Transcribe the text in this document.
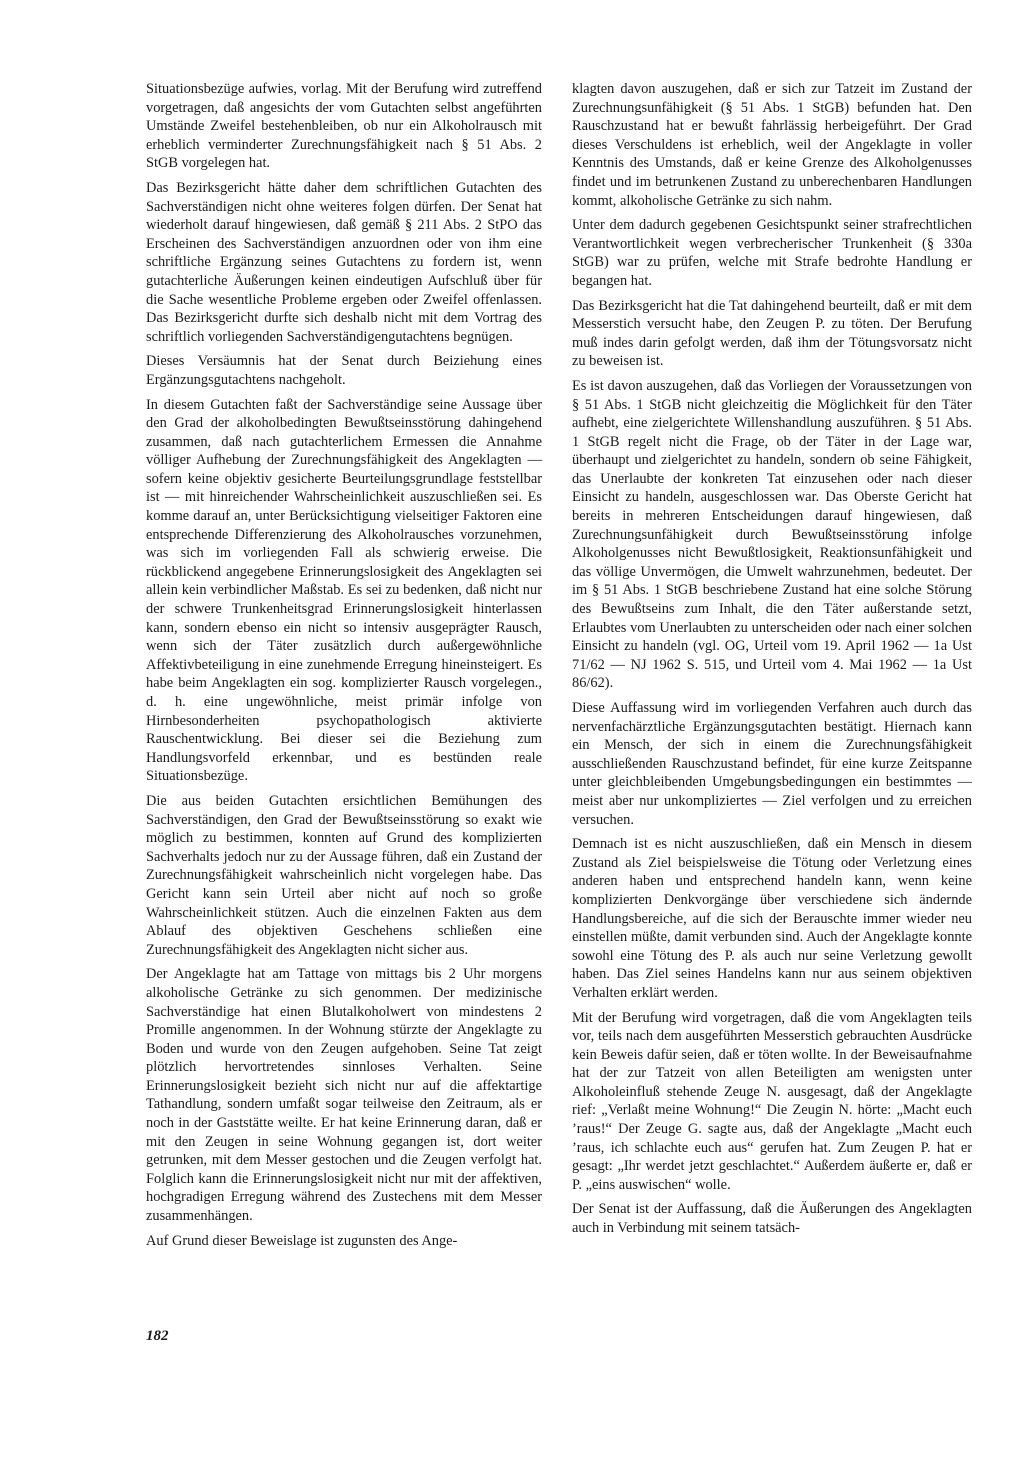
Situationsbezüge aufwies, vorlag. Mit der Berufung wird zutreffend vorgetragen, daß angesichts der vom Gutachten selbst angeführten Umstände Zweifel bestehenbleiben, ob nur ein Alkoholrausch mit erheblich verminderter Zurechnungsfähigkeit nach § 51 Abs. 2 StGB vorgelegen hat.

Das Bezirksgericht hätte daher dem schriftlichen Gutachten des Sachverständigen nicht ohne weiteres folgen dürfen. Der Senat hat wiederholt darauf hingewiesen, daß gemäß § 211 Abs. 2 StPO das Erscheinen des Sachverständigen anzuordnen oder von ihm eine schriftliche Ergänzung seines Gutachtens zu fordern ist, wenn gutachterliche Äußerungen keinen eindeutigen Aufschluß über für die Sache wesentliche Probleme ergeben oder Zweifel offenlassen. Das Bezirksgericht durfte sich deshalb nicht mit dem Vortrag des schriftlich vorliegenden Sachverständigengutachtens begnügen.

Dieses Versäumnis hat der Senat durch Beiziehung eines Ergänzungsgutachtens nachgeholt.

In diesem Gutachten faßt der Sachverständige seine Aussage über den Grad der alkoholbedingten Bewußtseinsstörung dahingehend zusammen, daß nach gutachterlichem Ermessen die Annahme völliger Aufhebung der Zurechnungsfähigkeit des Angeklagten — sofern keine objektiv gesicherte Beurteilungsgrundlage feststellbar ist — mit hinreichender Wahrscheinlichkeit auszuschließen sei. Es komme darauf an, unter Berücksichtigung vielseitiger Faktoren eine entsprechende Differenzierung des Alkoholrausches vorzunehmen, was sich im vorliegenden Fall als schwierig erweise. Die rückblickend angegebene Erinnerungslosigkeit des Angeklagten sei allein kein verbindlicher Maßstab. Es sei zu bedenken, daß nicht nur der schwere Trunkenheitsgrad Erinnerungslosigkeit hinterlassen kann, sondern ebenso ein nicht so intensiv ausgeprägter Rausch, wenn sich der Täter zusätzlich durch außergewöhnliche Affektivbeteiligung in eine zunehmende Erregung hineinsteigert. Es habe beim Angeklagten ein sog. komplizierter Rausch vorgelegen., d. h. eine ungewöhnliche, meist primär infolge von Hirnbesonderheiten psychopathologisch aktivierte Rauschentwicklung. Bei dieser sei die Beziehung zum Handlungsvorfeld erkennbar, und es bestünden reale Situationsbezüge.

Die aus beiden Gutachten ersichtlichen Bemühungen des Sachverständigen, den Grad der Bewußtseinsstörung so exakt wie möglich zu bestimmen, konnten auf Grund des komplizierten Sachverhalts jedoch nur zu der Aussage führen, daß ein Zustand der Zurechnungsfähigkeit wahrscheinlich nicht vorgelegen habe. Das Gericht kann sein Urteil aber nicht auf noch so große Wahrscheinlichkeit stützen. Auch die einzelnen Fakten aus dem Ablauf des objektiven Geschehens schließen eine Zurechnungsfähigkeit des Angeklagten nicht sicher aus.

Der Angeklagte hat am Tattage von mittags bis 2 Uhr morgens alkoholische Getränke zu sich genommen. Der medizinische Sachverständige hat einen Blutalkoholwert von mindestens 2 Promille angenommen. In der Wohnung stürzte der Angeklagte zu Boden und wurde von den Zeugen aufgehoben. Seine Tat zeigt plötzlich hervortretendes sinnloses Verhalten. Seine Erinnerungslosigkeit bezieht sich nicht nur auf die affektartige Tathandlung, sondern umfaßt sogar teilweise den Zeitraum, als er noch in der Gaststätte weilte. Er hat keine Erinnerung daran, daß er mit den Zeugen in seine Wohnung gegangen ist, dort weiter getrunken, mit dem Messer gestochen und die Zeugen verfolgt hat. Folglich kann die Erinnerungslosigkeit nicht nur mit der affektiven, hochgradigen Erregung während des Zustechens mit dem Messer zusammenhängen.

Auf Grund dieser Beweislage ist zugunsten des Ange-

klagten davon auszugehen, daß er sich zur Tatzeit im Zustand der Zurechnungsunfähigkeit (§ 51 Abs. 1 StGB) befunden hat. Den Rauschzustand hat er bewußt fahrlässig herbeigeführt. Der Grad dieses Verschuldens ist erheblich, weil der Angeklagte in voller Kenntnis des Umstands, daß er keine Grenze des Alkoholgenusses findet und im betrunkenen Zustand zu unberechenbaren Handlungen kommt, alkoholische Getränke zu sich nahm.

Unter dem dadurch gegebenen Gesichtspunkt seiner strafrechtlichen Verantwortlichkeit wegen verbrecherischer Trunkenheit (§ 330a StGB) war zu prüfen, welche mit Strafe bedrohte Handlung er begangen hat.

Das Bezirksgericht hat die Tat dahingehend beurteilt, daß er mit dem Messerstich versucht habe, den Zeugen P. zu töten. Der Berufung muß indes darin gefolgt werden, daß ihm der Tötungsvorsatz nicht zu beweisen ist.

Es ist davon auszugehen, daß das Vorliegen der Voraussetzungen von § 51 Abs. 1 StGB nicht gleichzeitig die Möglichkeit für den Täter aufhebt, eine zielgerichtete Willenshandlung auszuführen. § 51 Abs. 1 StGB regelt nicht die Frage, ob der Täter in der Lage war, überhaupt und zielgerichtet zu handeln, sondern ob seine Fähigkeit, das Unerlaubte der konkreten Tat einzusehen oder nach dieser Einsicht zu handeln, ausgeschlossen war. Das Oberste Gericht hat bereits in mehreren Entscheidungen darauf hingewiesen, daß Zurechnungsunfähigkeit durch Bewußtseinsstörung infolge Alkoholgenusses nicht Bewußtlosigkeit, Reaktionsunfähigkeit und das völlige Unvermögen, die Umwelt wahrzunehmen, bedeutet. Der im § 51 Abs. 1 StGB beschriebene Zustand hat eine solche Störung des Bewußtseins zum Inhalt, die den Täter außerstande setzt, Erlaubtes vom Unerlaubten zu unterscheiden oder nach einer solchen Einsicht zu handeln (vgl. OG, Urteil vom 19. April 1962 — 1a Ust 71/62 — NJ 1962 S. 515, und Urteil vom 4. Mai 1962 — 1a Ust 86/62).

Diese Auffassung wird im vorliegenden Verfahren auch durch das nervenfachärztliche Ergänzungsgutachten bestätigt. Hiernach kann ein Mensch, der sich in einem die Zurechnungsfähigkeit ausschließenden Rauschzustand befindet, für eine kurze Zeitspanne unter gleichbleibenden Umgebungsbedingungen ein bestimmtes — meist aber nur unkompliziertes — Ziel verfolgen und zu erreichen versuchen.

Demnach ist es nicht auszuschließen, daß ein Mensch in diesem Zustand als Ziel beispielsweise die Tötung oder Verletzung eines anderen haben und entsprechend handeln kann, wenn keine komplizierten Denkvorgänge über verschiedene sich ändernde Handlungsbereiche, auf die sich der Berauschte immer wieder neu einstellen müßte, damit verbunden sind. Auch der Angeklagte konnte sowohl eine Tötung des P. als auch nur seine Verletzung gewollt haben. Das Ziel seines Handelns kann nur aus seinem objektiven Verhalten erklärt werden.

Mit der Berufung wird vorgetragen, daß die vom Angeklagten teils vor, teils nach dem ausgeführten Messerstich gebrauchten Ausdrücke kein Beweis dafür seien, daß er töten wollte. In der Beweisaufnahme hat der zur Tatzeit von allen Beteiligten am wenigsten unter Alkoholeinfluß stehende Zeuge N. ausgesagt, daß der Angeklagte rief: „Verlaßt meine Wohnung!“ Die Zeugin N. hörte: „Macht euch ’raus!“ Der Zeuge G. sagte aus, daß der Angeklagte „Macht euch ’raus, ich schlachte euch aus“ gerufen hat. Zum Zeugen P. hat er gesagt: „Ihr werdet jetzt geschlachtet.“ Außerdem äußerte er, daß er P. „eins auswischen“ wolle.

Der Senat ist der Auffassung, daß die Äußerungen des Angeklagten auch in Verbindung mit seinem tatsäch-

182
